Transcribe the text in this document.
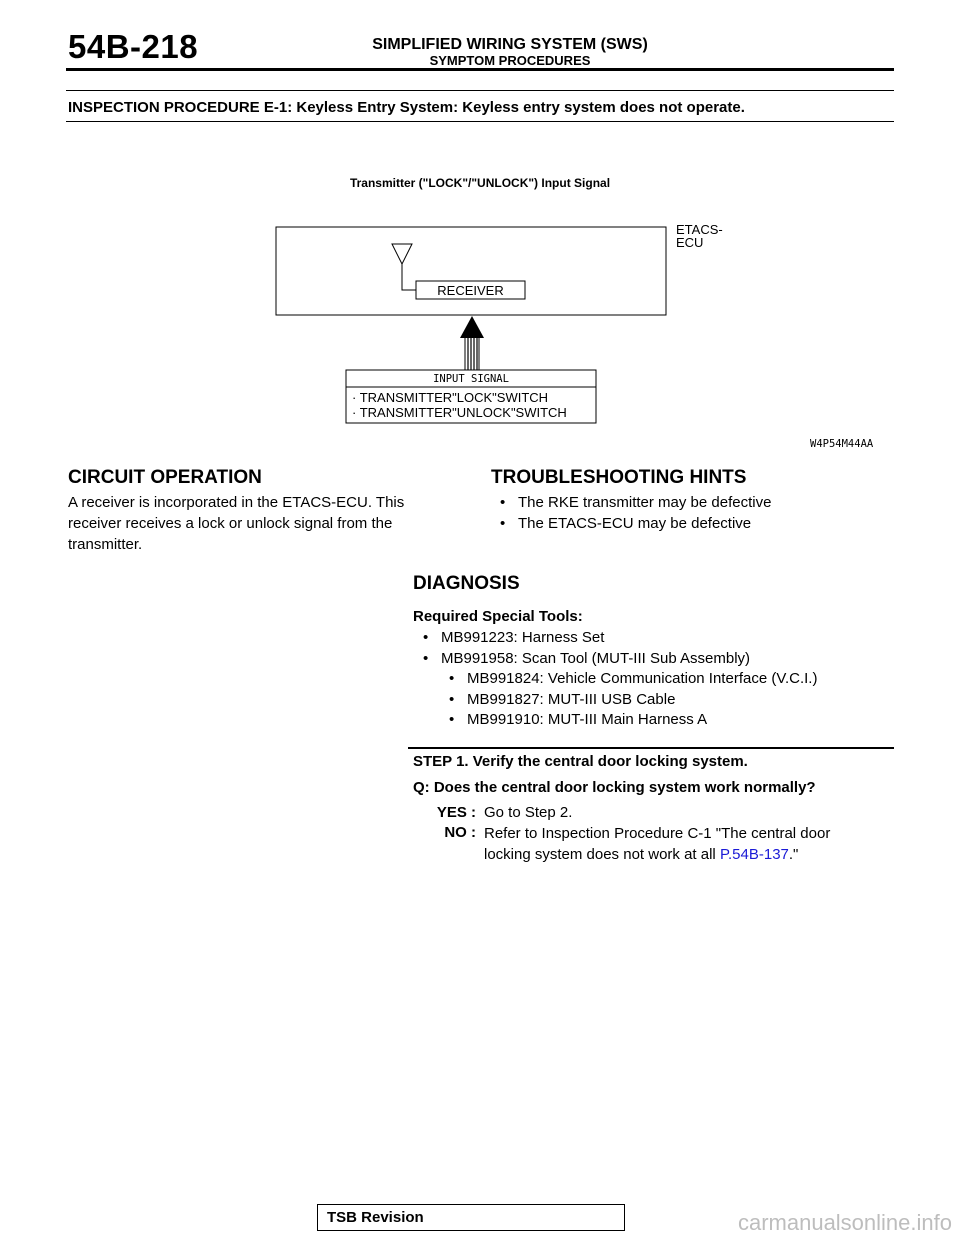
54B-218	SIMPLIFIED WIRING SYSTEM (SWS)
SYMPTOM PROCEDURES
INSPECTION PROCEDURE E-1: Keyless Entry System: Keyless entry system does not operate.
Transmitter ("LOCK"/"UNLOCK") Input Signal
ETACS-
ECU
RECEIVER
INPUT SIGNAL
· TRANSMITTER"LOCK"SWITCH
· TRANSMITTER"UNLOCK"SWITCH
W4P54M44AA
CIRCUIT OPERATION
A receiver is incorporated in the ETACS-ECU. This
receiver receives a lock or unlock signal from the
transmitter.
TROUBLESHOOTING HINTS
• The RKE transmitter may be defective
• The ETACS-ECU may be defective
DIAGNOSIS
Required Special Tools:
• MB991223: Harness Set
• MB991958: Scan Tool (MUT-III Sub Assembly)
• MB991824: Vehicle Communication Interface (V.C.I.)
• MB991827: MUT-III USB Cable
• MB991910: MUT-III Main Harness A
STEP 1. Verify the central door locking system.
Q: Does the central door locking system work normally?
YES : Go to Step 2.
NO : Refer to Inspection Procedure C-1 "The central door
locking system does not work at all P.54B-137."
TSB Revision	carmanualsonline.info
